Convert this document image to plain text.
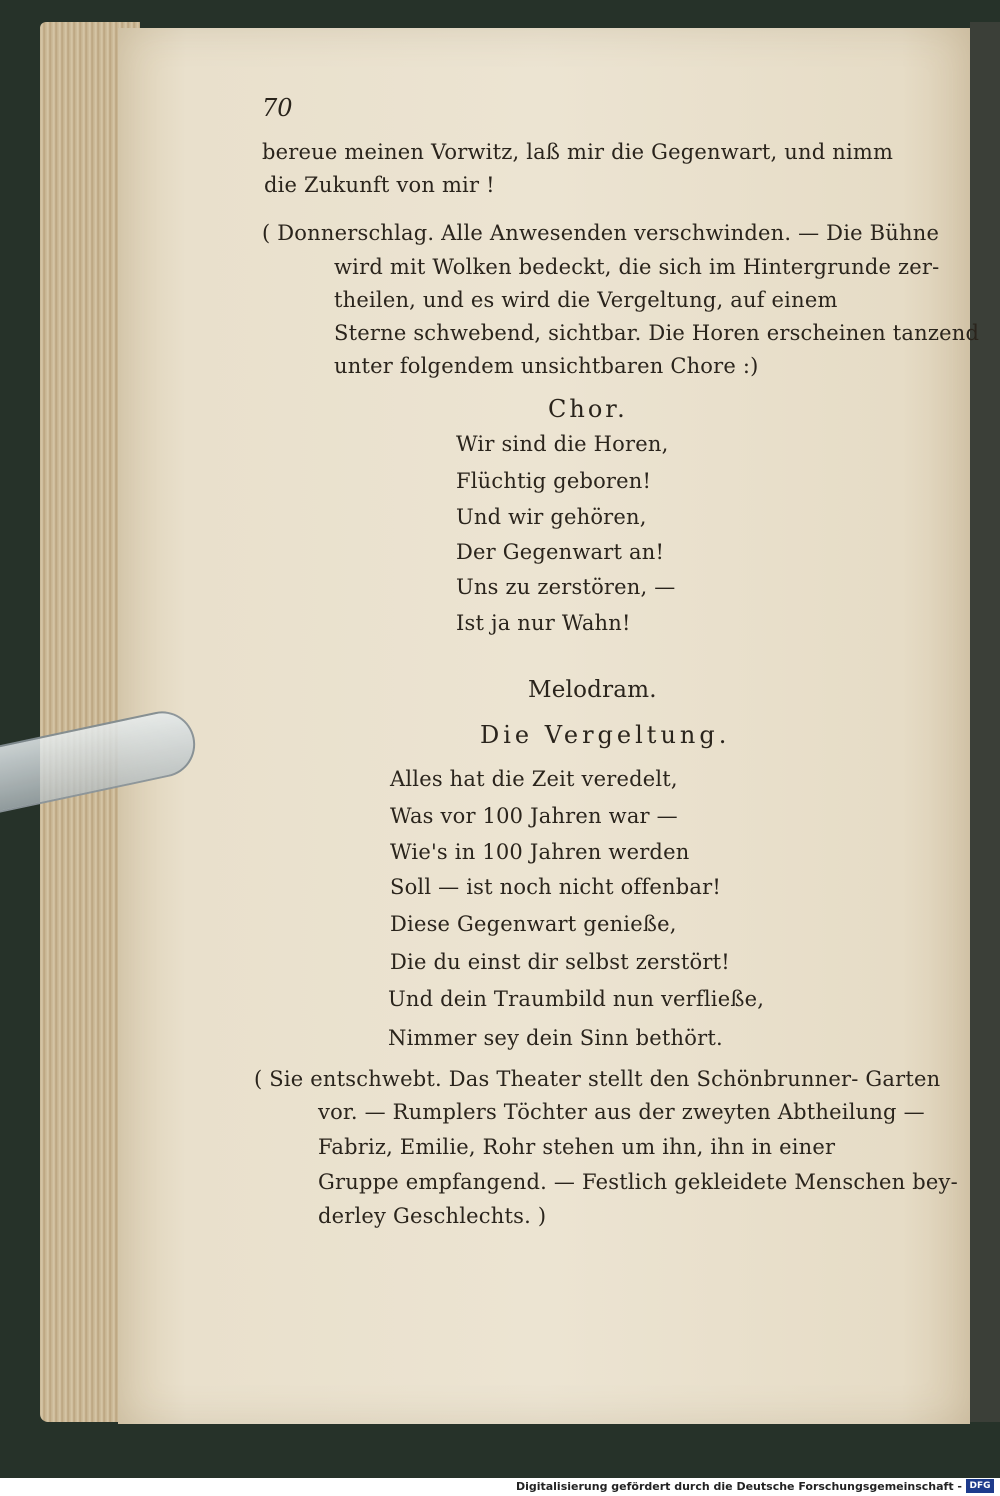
70
bereue meinen Vorwitz, laß mir die Gegenwart, und nimm
die Zukunft von mir !
( Donnerschlag. Alle Anwesenden verschwinden. — Die Bühne
wird mit Wolken bedeckt, die sich im Hintergrunde zer-
theilen, und es wird die Vergeltung, auf einem
Sterne schwebend, sichtbar. Die Horen erscheinen tanzend
unter folgendem unsichtbaren Chore :)
Chor.
Wir sind die Horen,
Flüchtig geboren!
Und wir gehören,
Der Gegenwart an!
Uns zu zerstören, —
Ist ja nur Wahn!
Melodram.
Die Vergeltung.
Alles hat die Zeit veredelt,
Was vor 100 Jahren war —
Wie's in 100 Jahren werden
Soll — ist noch nicht offenbar!
Diese Gegenwart genieße,
Die du einst dir selbst zerstört!
Und dein Traumbild nun verfließe,
Nimmer sey dein Sinn bethört.
( Sie entschwebt. Das Theater stellt den Schönbrunner- Garten
vor. — Rumplers Töchter aus der zweyten Abtheilung —
Fabriz, Emilie, Rohr stehen um ihn, ihn in einer
Gruppe empfangend. — Festlich gekleidete Menschen bey-
derley Geschlechts. )
Digitalisierung gefördert durch die Deutsche Forschungsgemeinschaft - DFG
